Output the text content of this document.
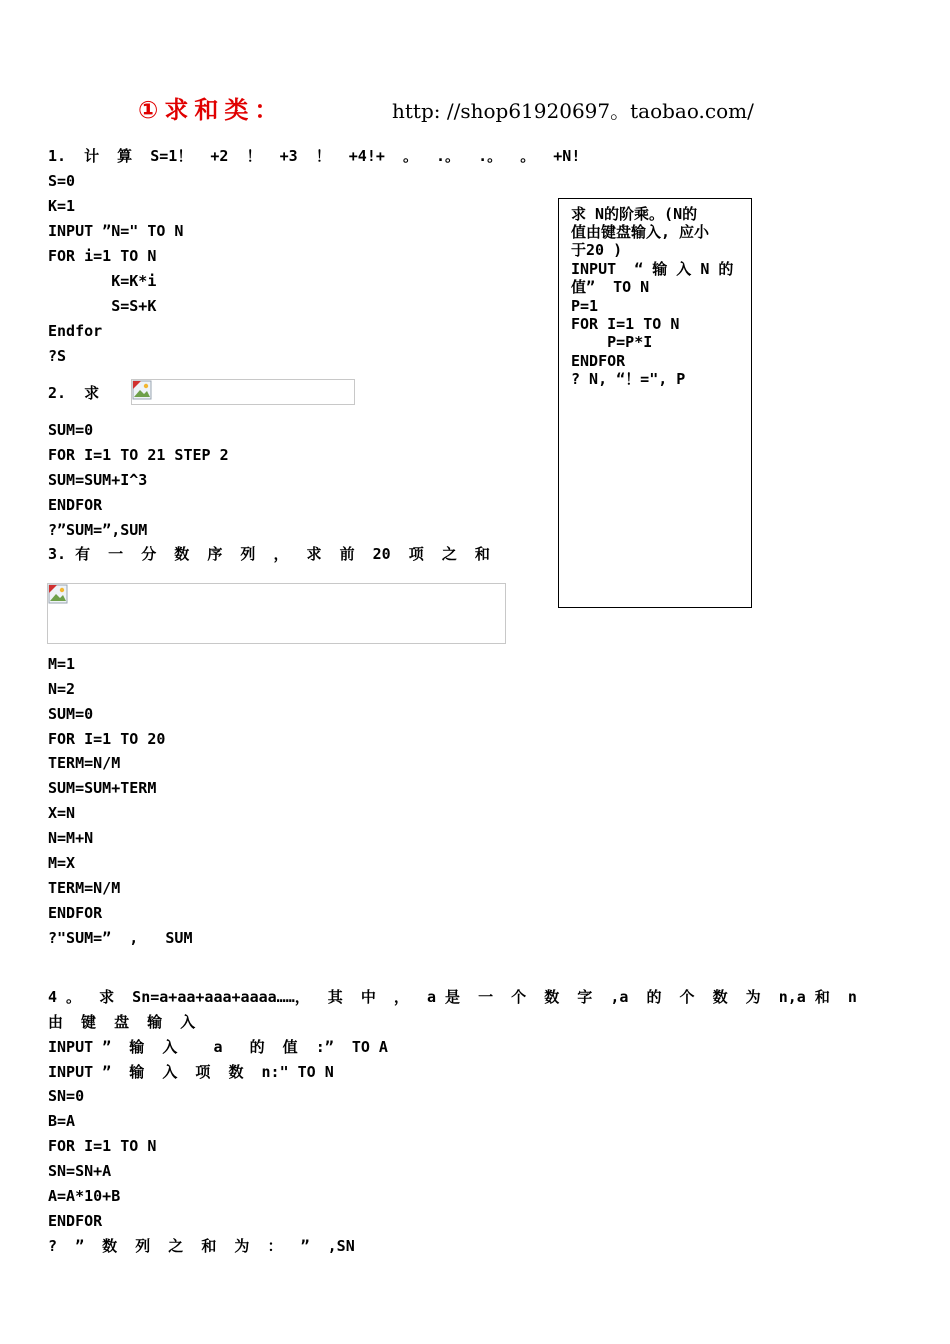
①求和类：	http: //shop61920697。taobao.com/
1.  计  算  S=1！  +2  ！  +3  ！  +4!+  。  .。  .。  。  +N!
S=0
K=1
INPUT ”N=" TO N
FOR i=1 TO N
K=K*i
S=S+K
Endfor
?S
2.  求
SUM=0
FOR I=1 TO 21 STEP 2
SUM=SUM+I^3
ENDFOR
?”SUM=”,SUM
3. 有  一  分  数  序  列  ，  求  前  20  项  之  和
M=1
N=2
SUM=0
FOR I=1 TO 20
TERM=N/M
SUM=SUM+TERM
X=N
N=M+N
M=X
TERM=N/M
ENDFOR
?"SUM=”  ,   SUM
4 。  求  Sn=a+aa+aaa+aaaa……，  其  中  ，  a 是  一  个  数  字  ,a  的  个  数  为  n,a 和  n
由  键  盘  输  入
INPUT ”  输  入    a   的  值  :”  TO A
INPUT ”  输  入  项  数  n:" TO N
SN=0
B=A
FOR I=1 TO N
SN=SN+A
A=A*10+B
ENDFOR
?  ”  数  列  之  和  为  ：  ”  ,SN
求 N的阶乘。(N的
值由键盘输入, 应小
于20 )
INPUT  “ 输 入 N 的
值”  TO N
P=1
FOR I=1 TO N
P=P*I
ENDFOR
? N, “！=", P
